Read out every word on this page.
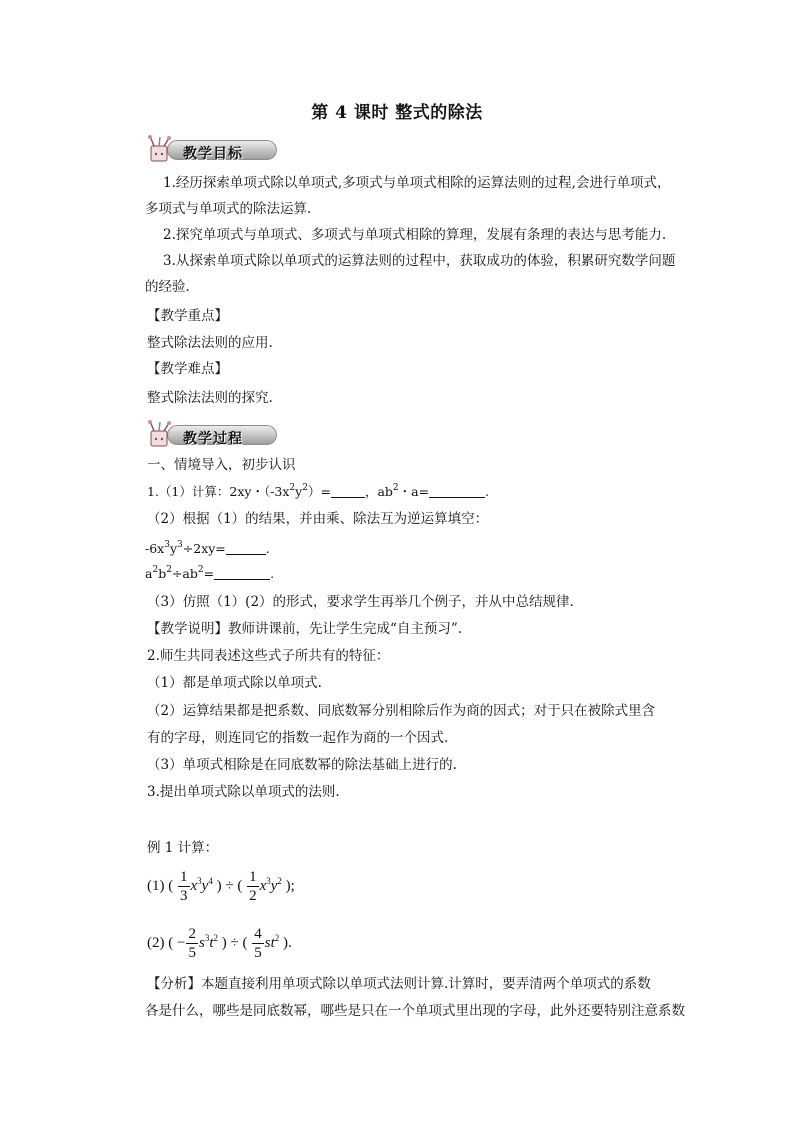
第 4 课时 整式的除法
教学目标
1.经历探索单项式除以单项式,多项式与单项式相除的运算法则的过程,会进行单项式，
多项式与单项式的除法运算.
2.探究单项式与单项式、多项式与单项式相除的算理，发展有条理的表达与思考能力.
3.从探索单项式除以单项式的运算法则的过程中，获取成功的体验，积累研究数学问题
的经验.
【教学重点】
整式除法法则的应用.
【教学难点】
整式除法法则的探究.
教学过程
一、情境导入，初步认识
1.（1）计算：2xy・$(-3x^2y^2)=$	，$ab^2$・a=	.
（2）根据（1）的结果，并由乘、除法互为逆运算填空：
$-6x^3y^3\div 2xy=$	.
$a^2b^2\div ab^2=$	.
（3）仿照（1）(2）的形式，要求学生再举几个例子，并从中总结规律.
【教学说明】教师讲课前，先让学生完成“自主预习”.
2.师生共同表述这些式子所共有的特征：
（1）都是单项式除以单项式.
（2）运算结果都是把系数、同底数幂分别相除后作为商的因式；对于只在被除式里含
有的字母，则连同它的指数一起作为商的一个因式.
（3）单项式相除是在同底数幂的除法基础上进行的.
3.提出单项式除以单项式的法则.
例 1 计算：
(1) ( $\frac{1}{3} x^3y^4$ ) ÷ ( $\frac{1}{2} x^3y^2$ );
(2) ( − $\frac{2}{5} s^3t^2$ ) ÷ ( $\frac{4}{5} st^2$ ).
【分析】本题直接利用单项式除以单项式法则计算.计算时，要弄清两个单项式的系数
各是什么，哪些是同底数幂，哪些是只在一个单项式里出现的字母，此外还要特别注意系数
